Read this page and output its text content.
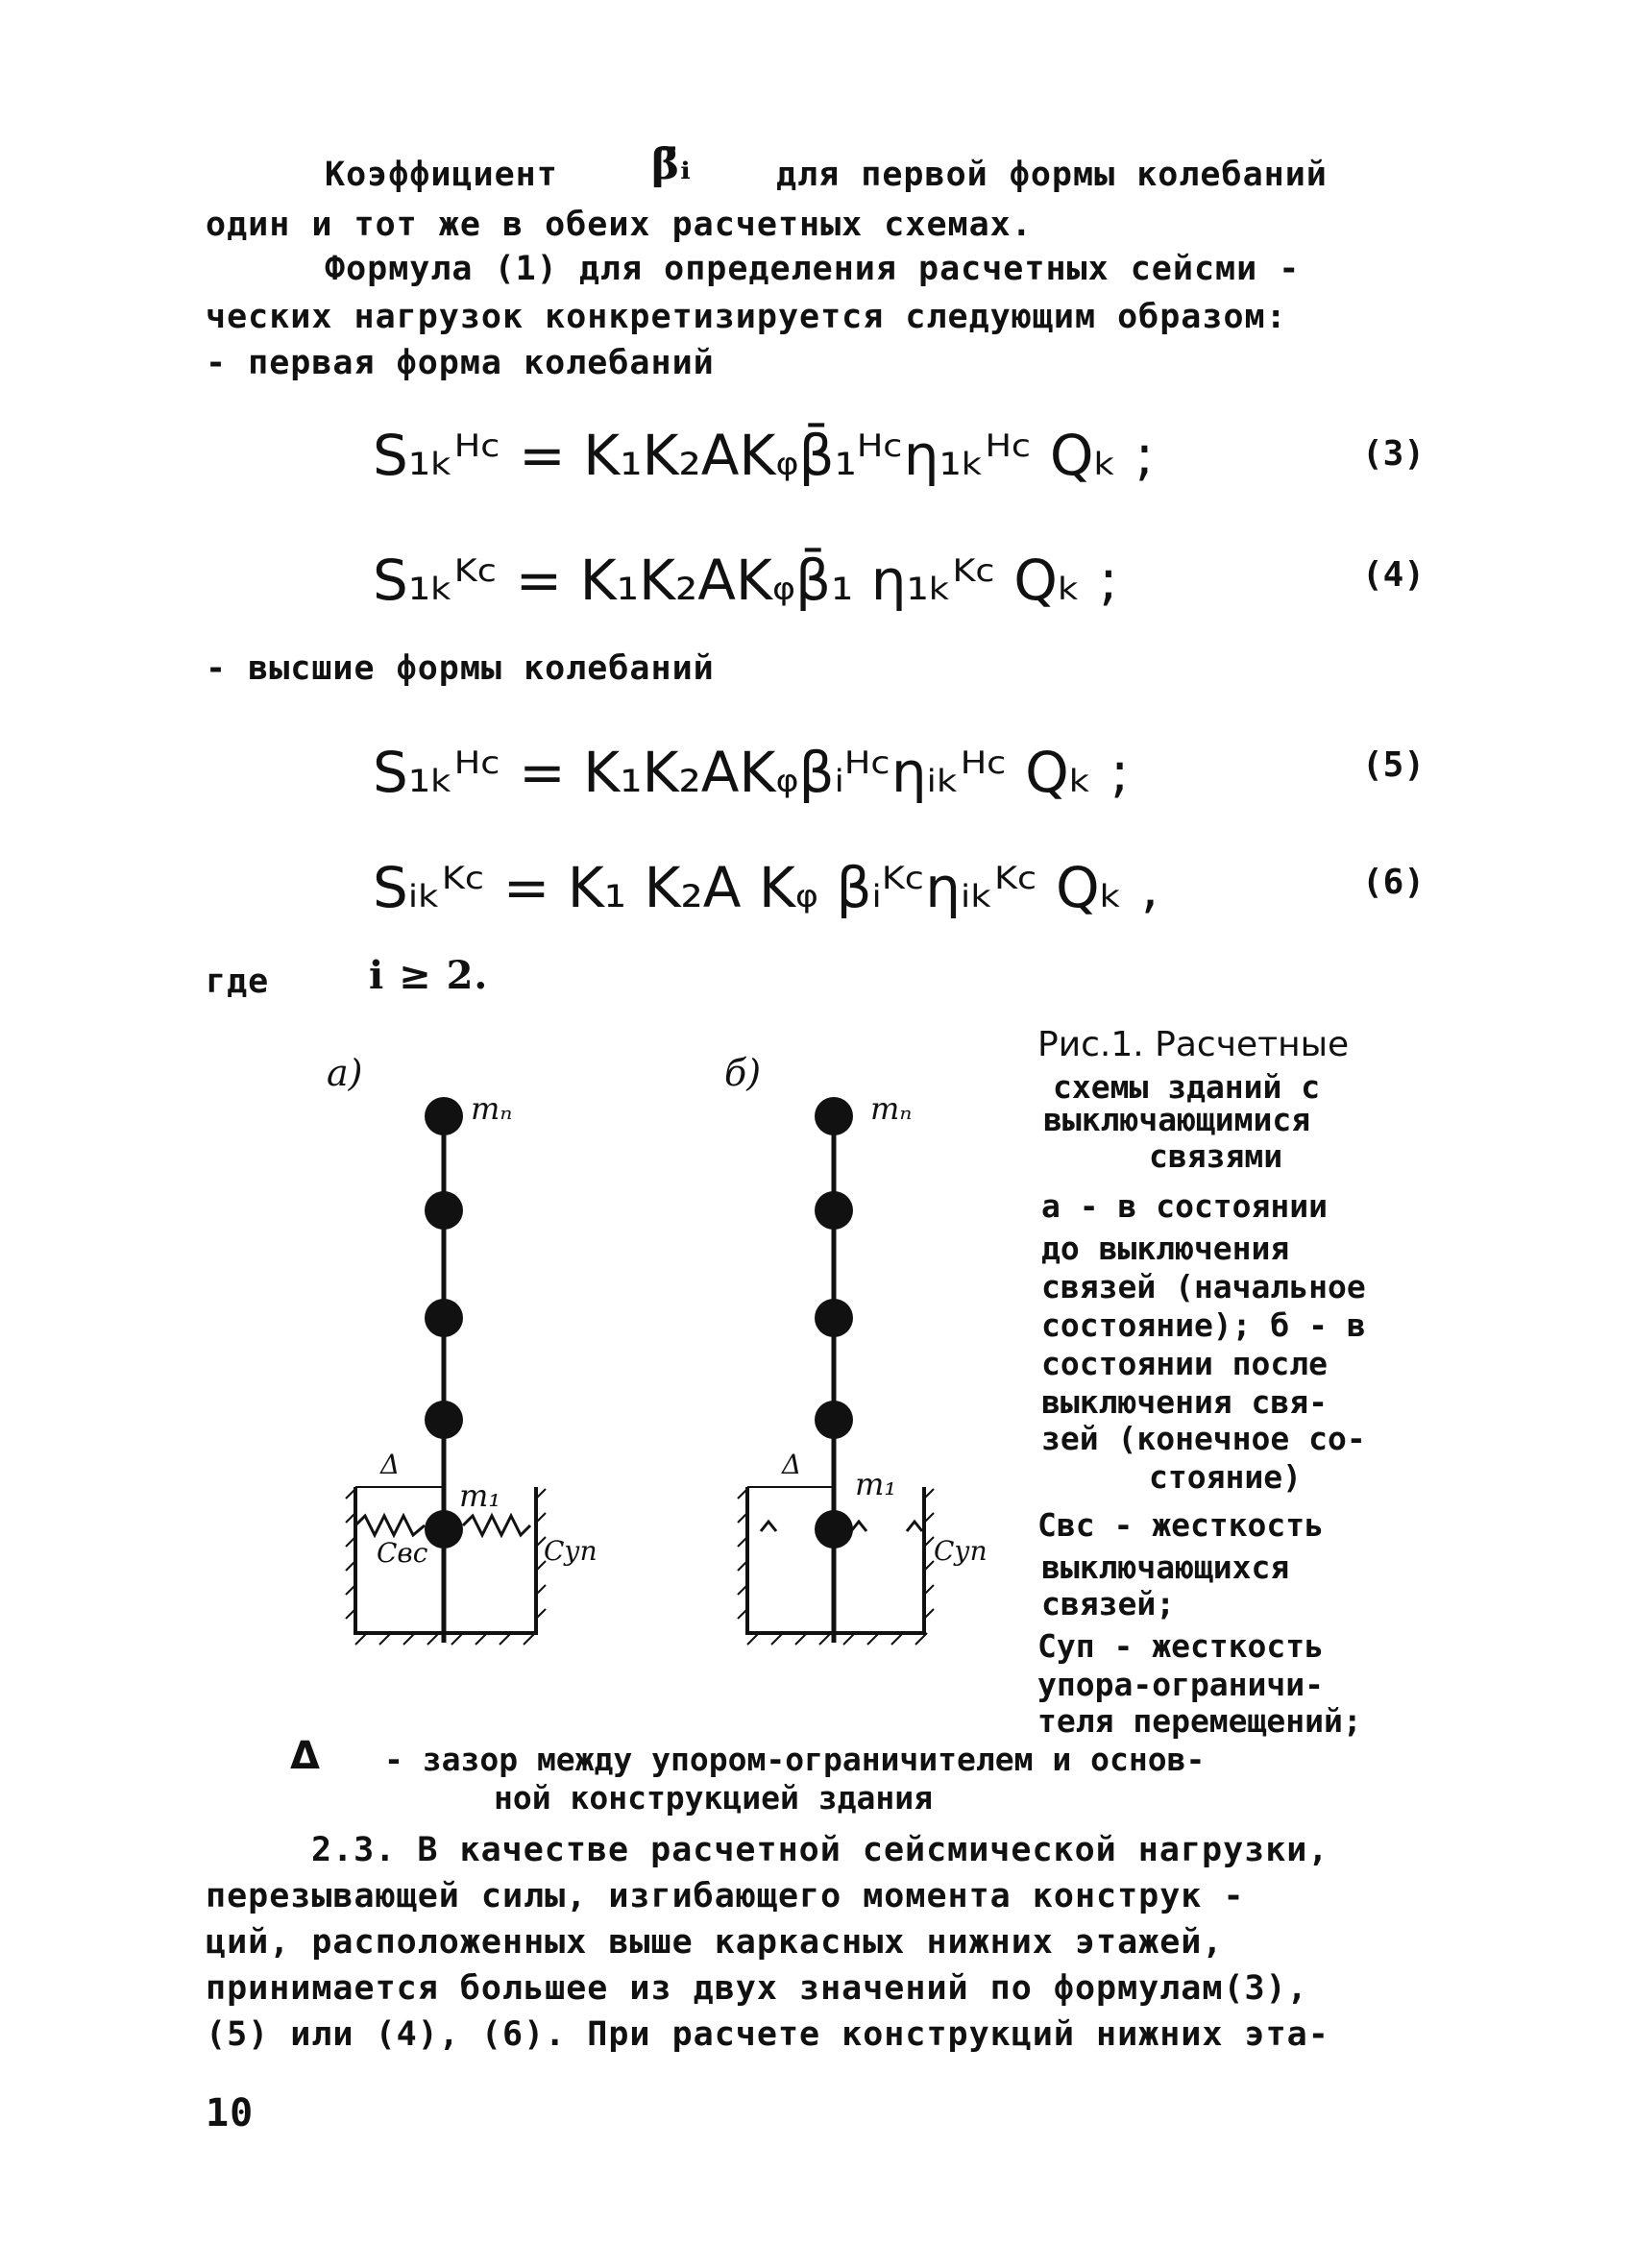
Коэффициент β̄ᵢ	для первой формы колебаний
один и тот же в обеих расчетных схемах.
Формула (1) для определения расчетных сейсми -
ческих нагрузок конкретизируется следующим образом:
- первая форма колебаний
S₁ₖᴴᶜ = K₁K₂AKᵩβ̄₁ᴴᶜη₁ₖᴴᶜ Qₖ ;	(3)
S₁ₖᴷᶜ = K₁K₂AKᵩβ̄₁ η₁ₖᴷᶜ Qₖ ;	(4)
- высшие формы колебаний
S₁ₖᴴᶜ = K₁K₂AKᵩβᵢᴴᶜηᵢₖᴴᶜ Qₖ ;	(5)
Sᵢₖᴷᶜ = K₁ K₂A Kᵩ βᵢᴷᶜηᵢₖᴷᶜ Qₖ ,	(6)
где	i ≥ 2.
a)
mₙ
Δ
m₁
Cвс	Cуп
б)
mₙ
Δ
m₁
Cуп
Рис.1. Расчетные
схемы зданий с
выключающимися
связями
а - в состоянии
до выключения
связей (начальное
состояние); б - в
состоянии после
выключения свя-
зей (конечное со-
стояние)
Cвс - жесткость
выключающихся
связей;
Cуп - жесткость
упора-ограничи-
теля перемещений;
Δ - зазор между упором-ограничителем и основ-
ной конструкцией здания
2.3. В качестве расчетной сейсмической нагрузки,
перезывающей силы, изгибающего момента конструк -
ций, расположенных выше каркасных нижних этажей,
принимается большее из двух значений по формулам(3),
(5) или (4), (6). При расчете конструкций нижних эта-
10
